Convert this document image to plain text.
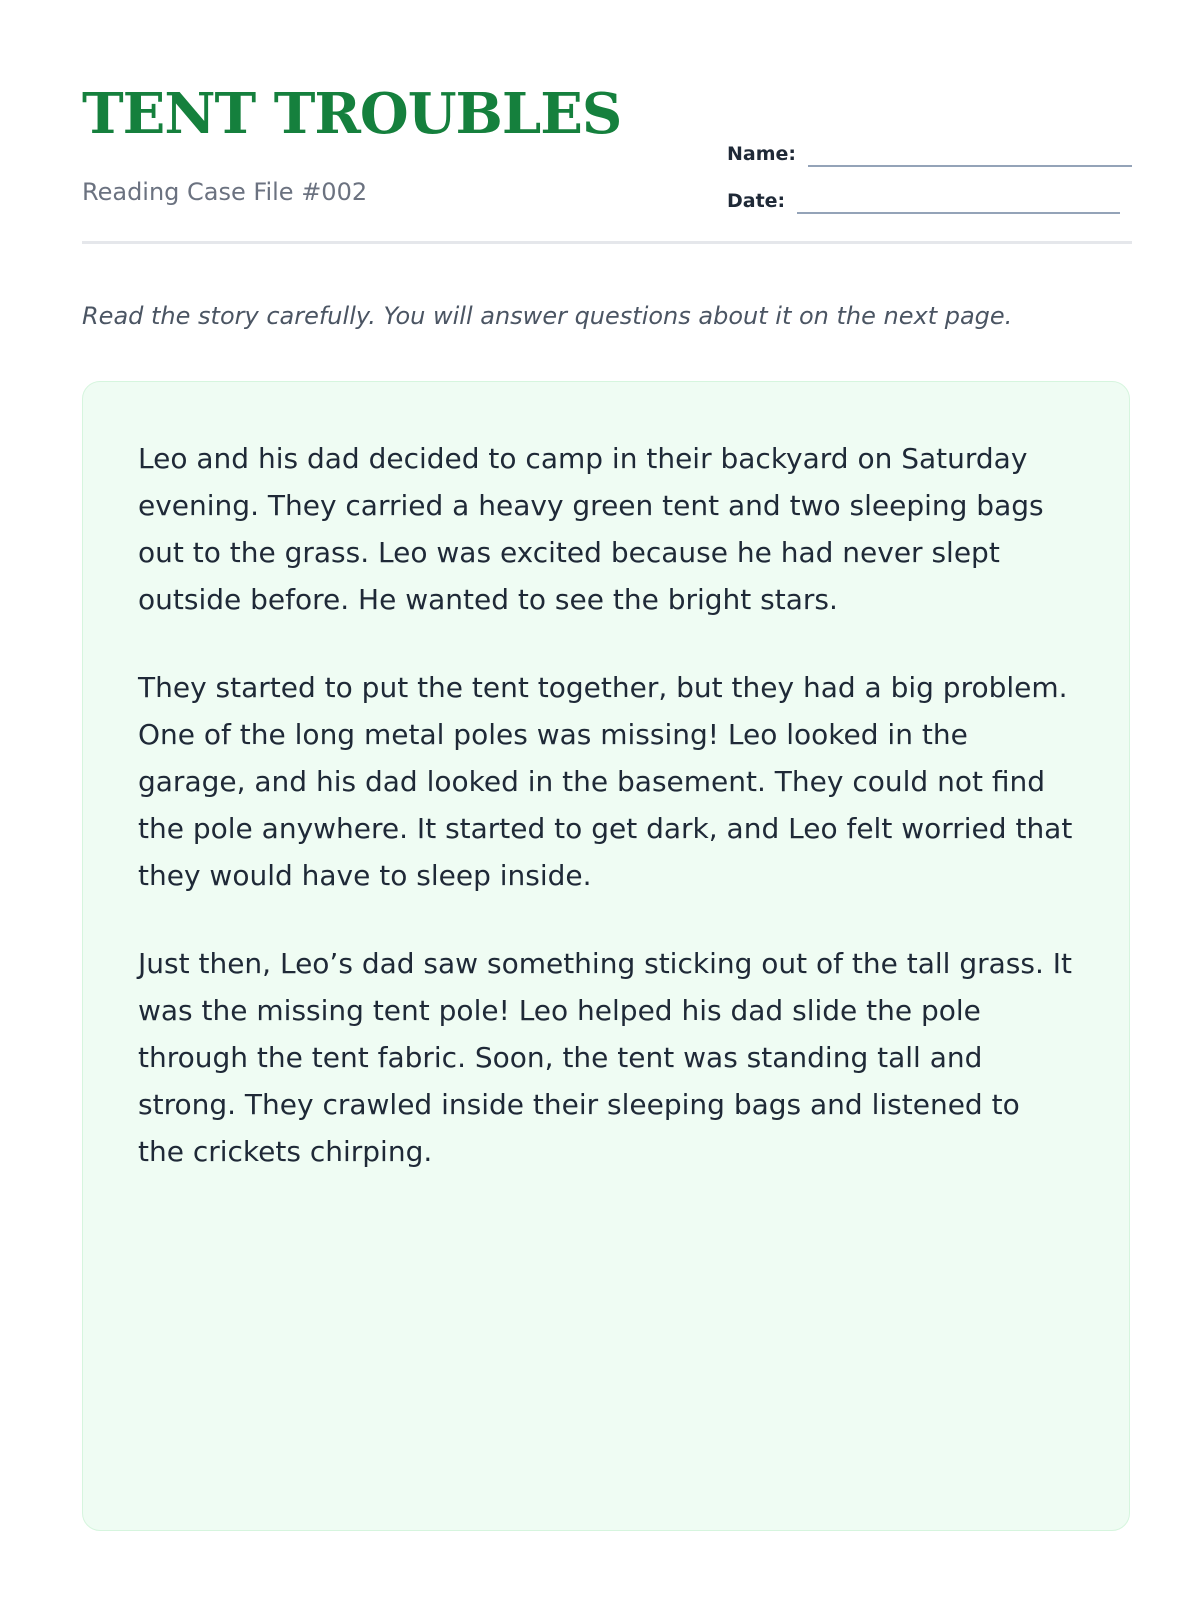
TENT TROUBLES

Reading Case File #002

Name:
Date:

Read the story carefully. You will answer questions about it on the next page.

Leo and his dad decided to camp in their backyard on Saturday evening. They carried a heavy green tent and two sleeping bags out to the grass. Leo was excited because he had never slept outside before. He wanted to see the bright stars.

They started to put the tent together, but they had a big problem. One of the long metal poles was missing! Leo looked in the garage, and his dad looked in the basement. They could not find the pole anywhere. It started to get dark, and Leo felt worried that they would have to sleep inside.

Just then, Leo’s dad saw something sticking out of the tall grass. It was the missing tent pole! Leo helped his dad slide the pole through the tent fabric. Soon, the tent was standing tall and strong. They crawled inside their sleeping bags and listened to the crickets chirping.
